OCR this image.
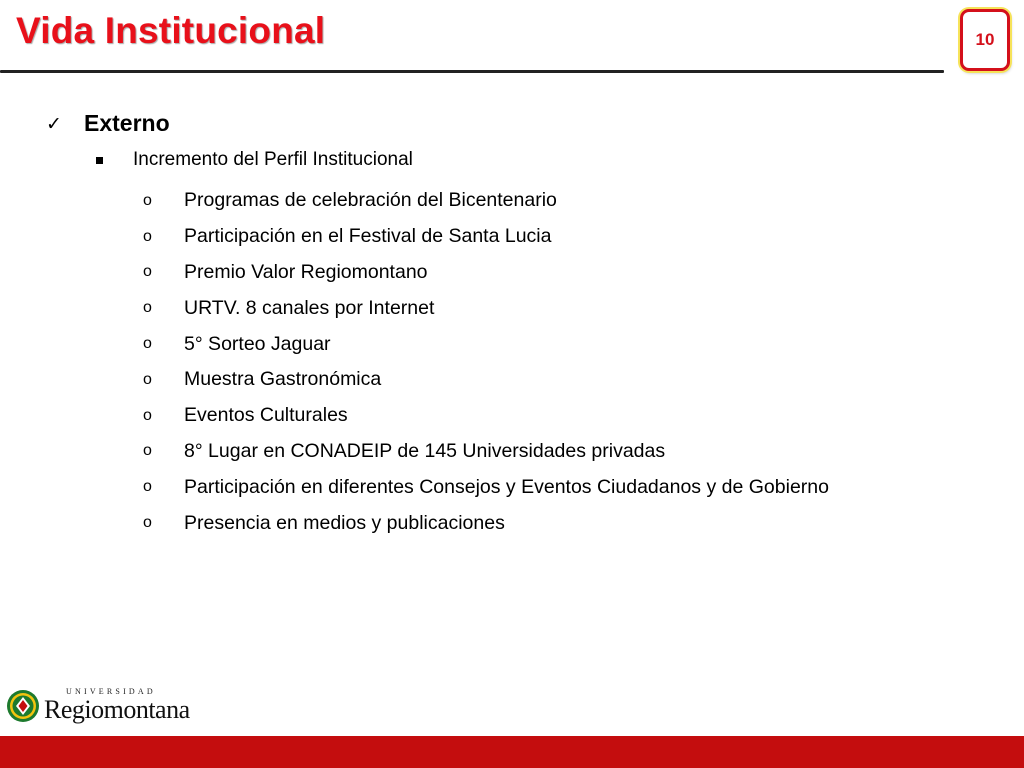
Vida Institucional	10
✓ Externo
Incremento del Perfil Institucional
o	Programas de celebración del Bicentenario
o	Participación en el Festival de Santa Lucia
o	Premio Valor Regiomontano
o	URTV. 8 canales por Internet
o	5° Sorteo Jaguar
o	Muestra Gastronómica
o	Eventos Culturales
o	8° Lugar en CONADEIP de 145 Universidades privadas
o	Participación en diferentes Consejos y Eventos Ciudadanos y de Gobierno
o	Presencia en medios y publicaciones
UNIVERSIDAD
Regiomontana
